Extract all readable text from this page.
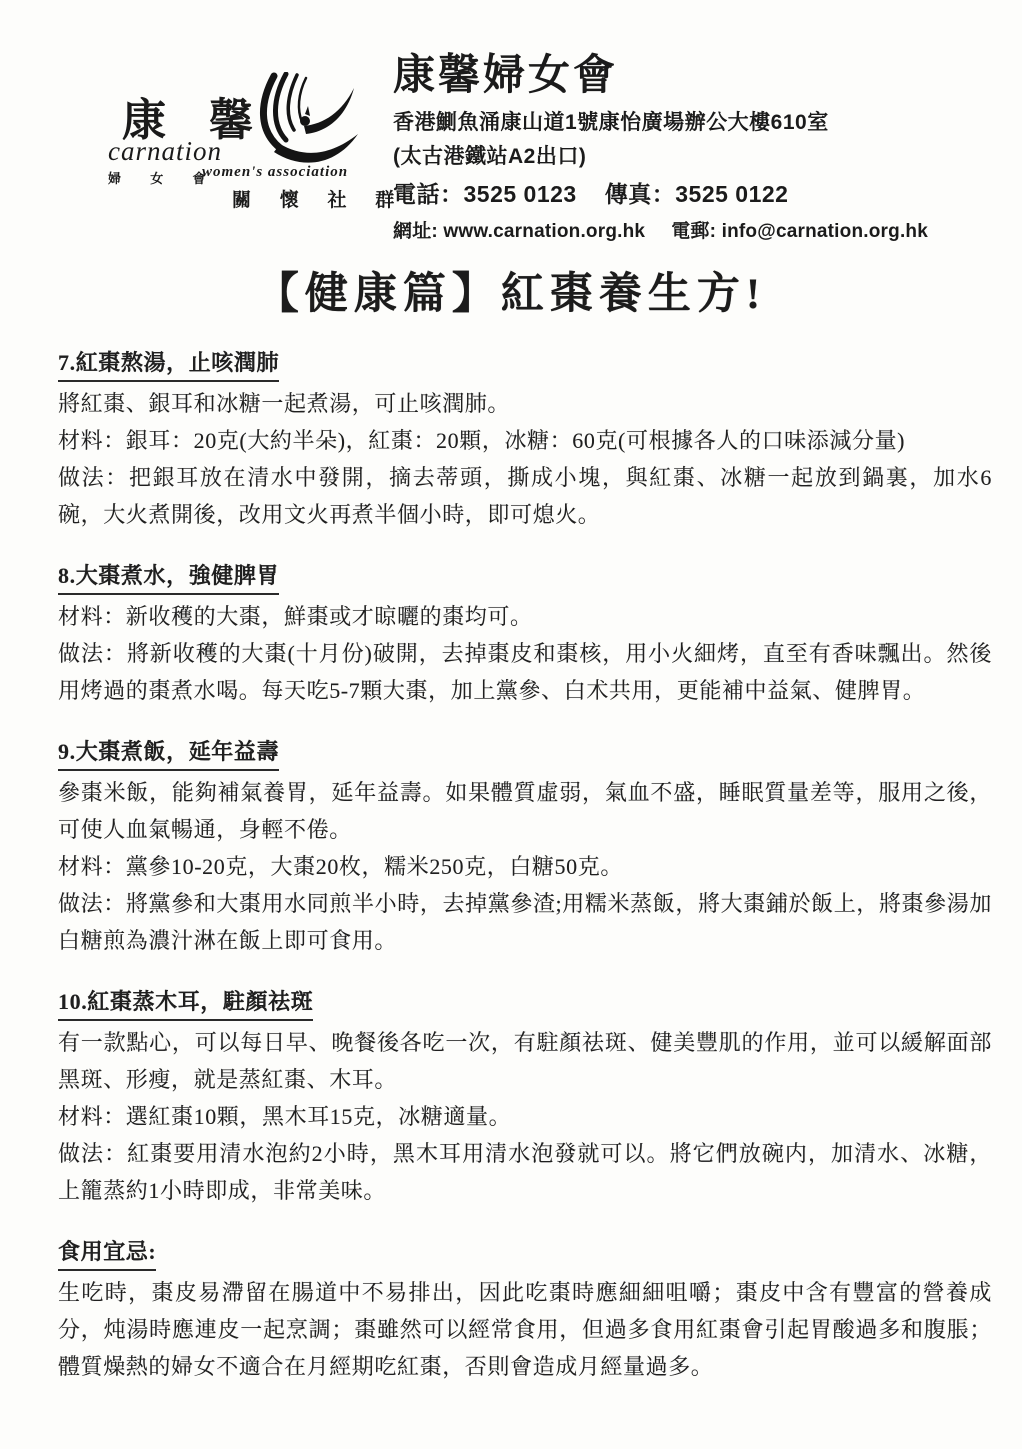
康 馨
carnation
婦 女 會
women's association
關 懷 社 群
康馨婦女會
香港鰂魚涌康山道1號康怡廣場辦公大樓610室
(太古港鐵站A2出口)
電話：3525 0123 傳真：3525 0122
網址: www.carnation.org.hk 電郵: info@carnation.org.hk
【健康篇】紅棗養生方!
7.紅棗熬湯，止咳潤肺

將紅棗、銀耳和冰糖一起煮湯，可止咳潤肺。

材料：銀耳：20克(大約半朵)，紅棗：20顆，冰糖：60克(可根據各人的口味添減分量)

做法：把銀耳放在清水中發開，摘去蒂頭，撕成小塊，與紅棗、冰糖一起放到鍋裏，加水6碗，大火煮開後，改用文火再煮半個小時，即可熄火。

8.大棗煮水，強健脾胃

材料：新收穫的大棗，鮮棗或才晾曬的棗均可。

做法：將新收穫的大棗(十月份)破開，去掉棗皮和棗核，用小火細烤，直至有香味飄出。然後用烤過的棗煮水喝。每天吃5-7顆大棗，加上黨參、白术共用，更能補中益氣、健脾胃。

9.大棗煮飯，延年益壽

參棗米飯，能夠補氣養胃，延年益壽。如果體質虛弱，氣血不盛，睡眠質量差等，服用之後，可使人血氣暢通，身輕不倦。

材料：黨參10-20克，大棗20枚，糯米250克，白糖50克。

做法：將黨參和大棗用水同煎半小時，去掉黨參渣;用糯米蒸飯，將大棗鋪於飯上，將棗參湯加白糖煎為濃汁淋在飯上即可食用。

10.紅棗蒸木耳，駐顏祛斑

有一款點心，可以每日早、晚餐後各吃一次，有駐顏祛斑、健美豐肌的作用，並可以緩解面部黑斑、形瘦，就是蒸紅棗、木耳。

材料：選紅棗10顆，黑木耳15克，冰糖適量。

做法：紅棗要用清水泡約2小時，黑木耳用清水泡發就可以。將它們放碗内，加清水、冰糖，上籠蒸約1小時即成，非常美味。

食用宜忌:

生吃時，棗皮易滯留在腸道中不易排出，因此吃棗時應細細咀嚼；棗皮中含有豐富的營養成分，炖湯時應連皮一起烹調；棗雖然可以經常食用，但過多食用紅棗會引起胃酸過多和腹脹；體質燥熱的婦女不適合在月經期吃紅棗，否則會造成月經量過多。
